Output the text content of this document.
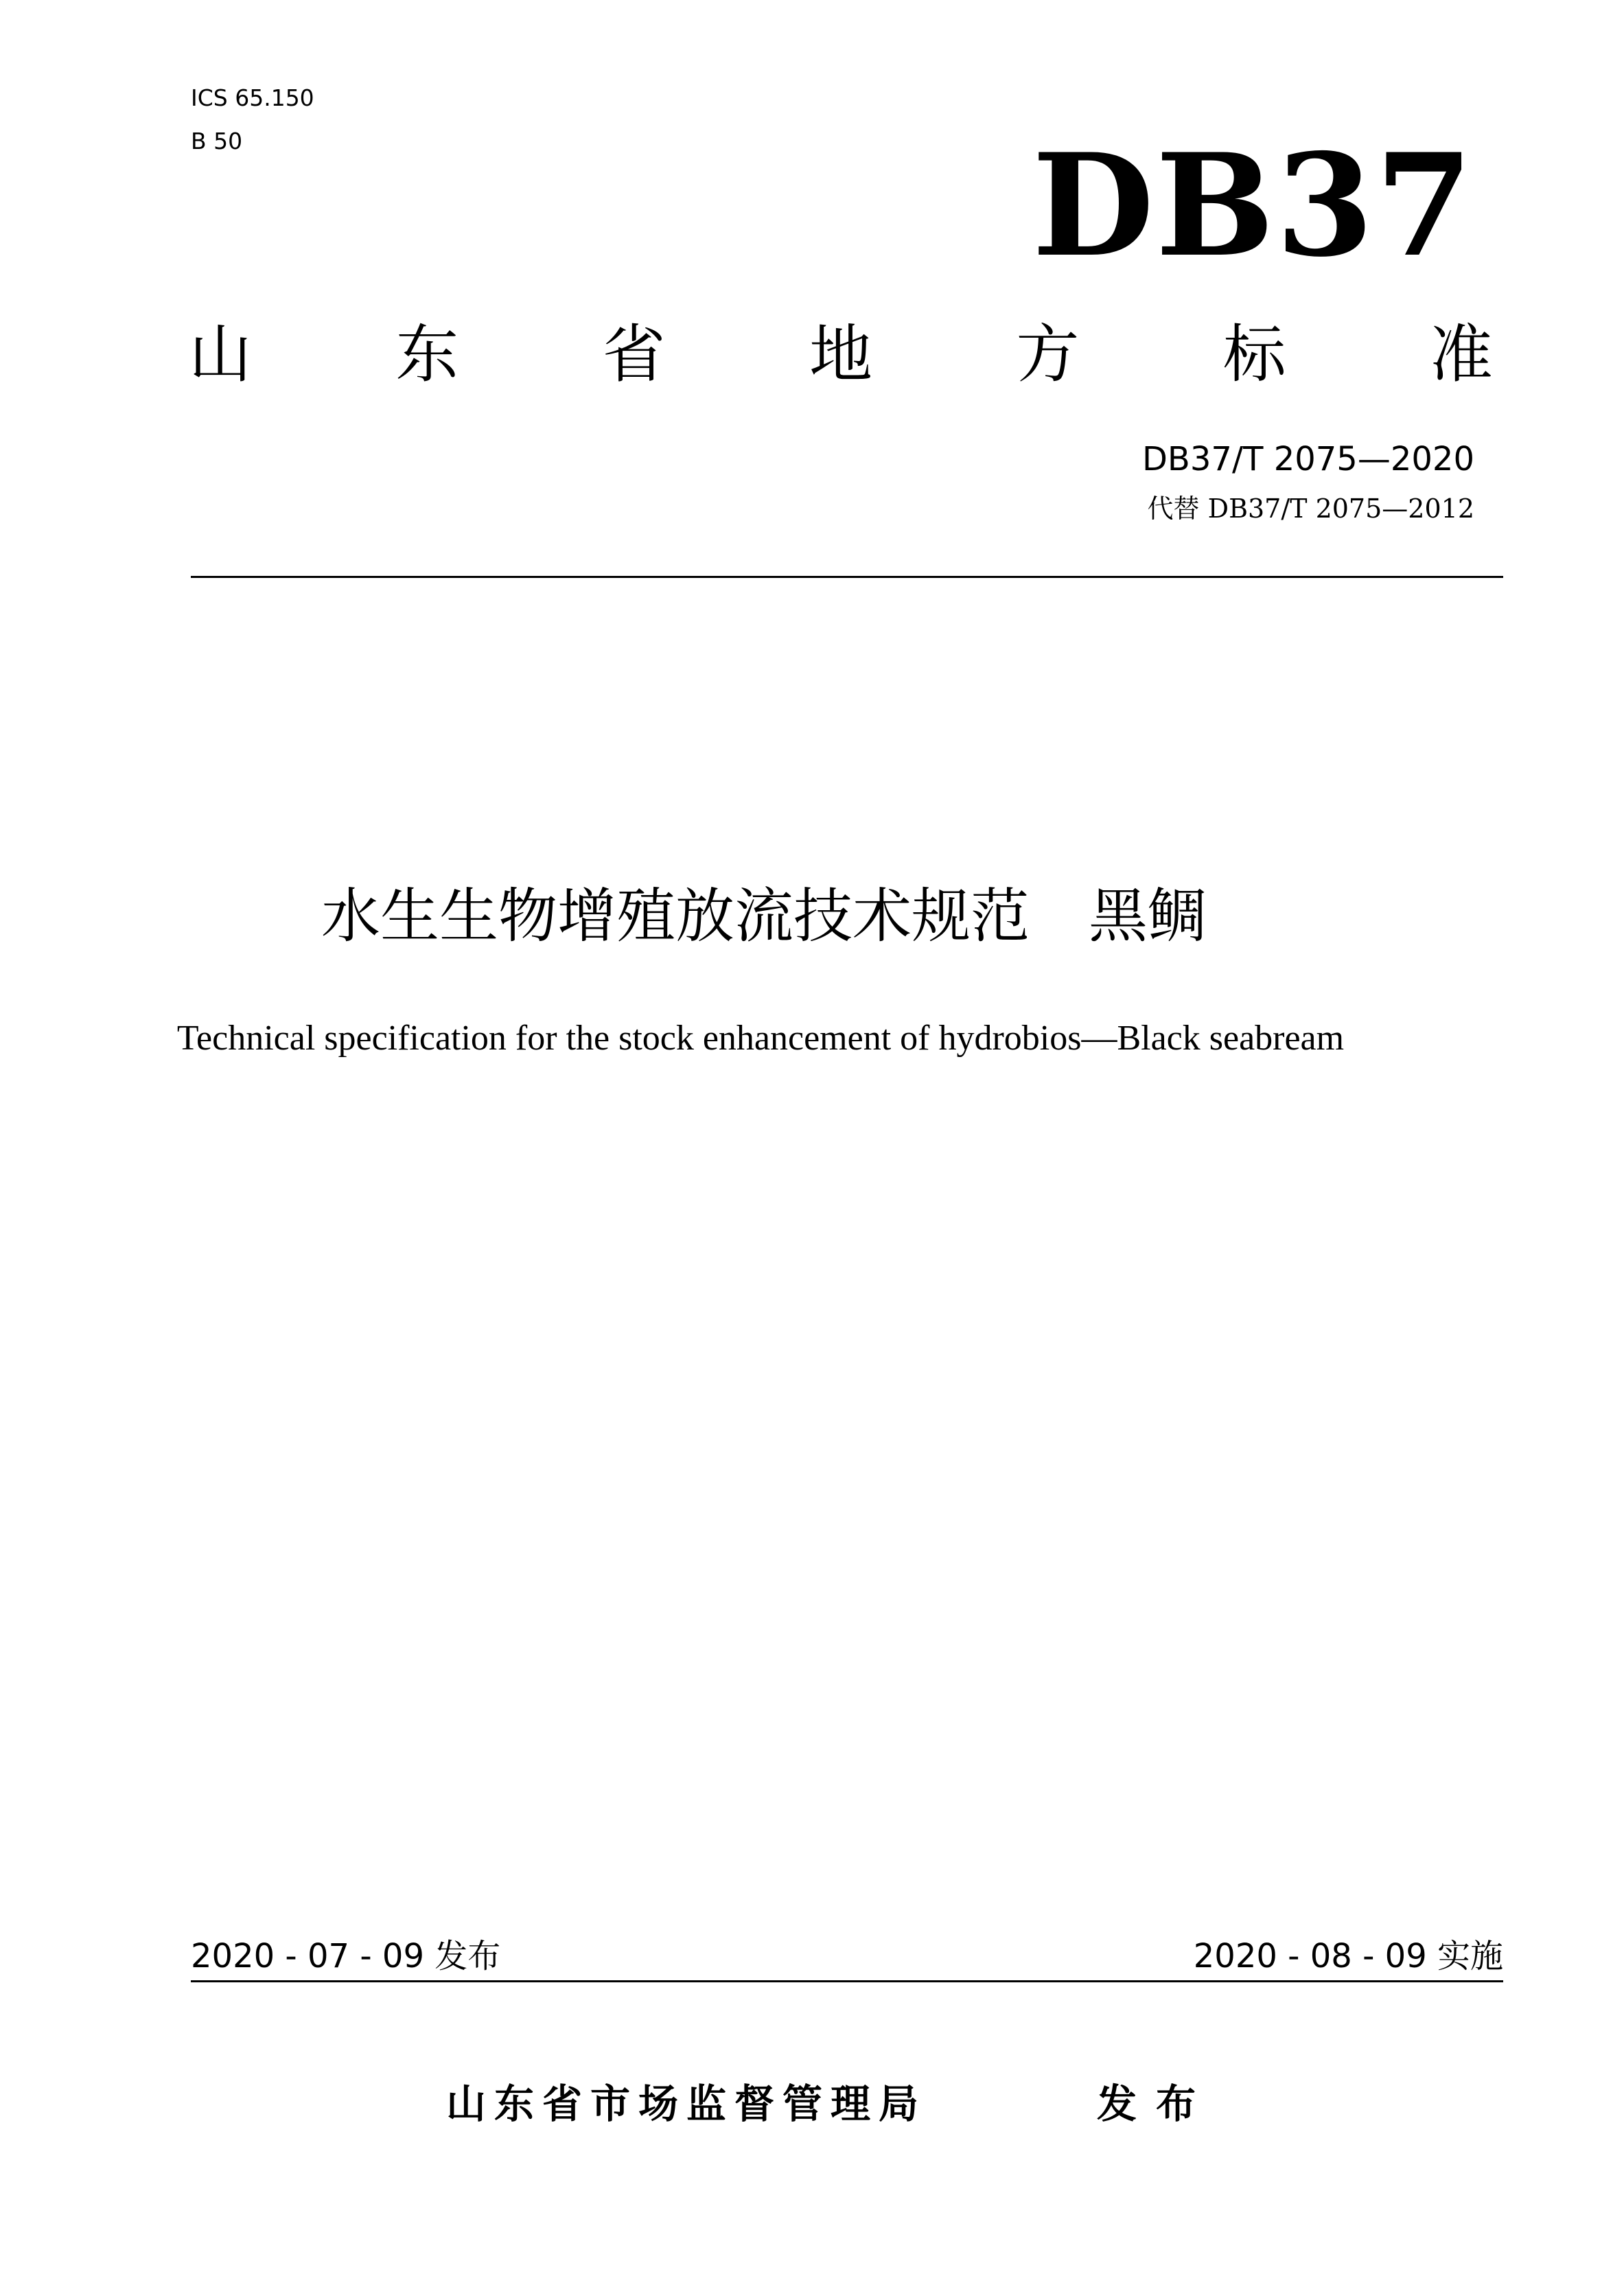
ICS 65.150
B 50	DB37
山 东 省 地 方 标 准
DB37/T 2075—2020
代替 DB37/T 2075—2012
水生生物增殖放流技术规范　黑鲷
Technical specification for the stock enhancement of hydrobios—Black seabream
2020 - 07 - 09 发布	2020 - 08 - 09 实施
山东省市场监督管理局	发布
